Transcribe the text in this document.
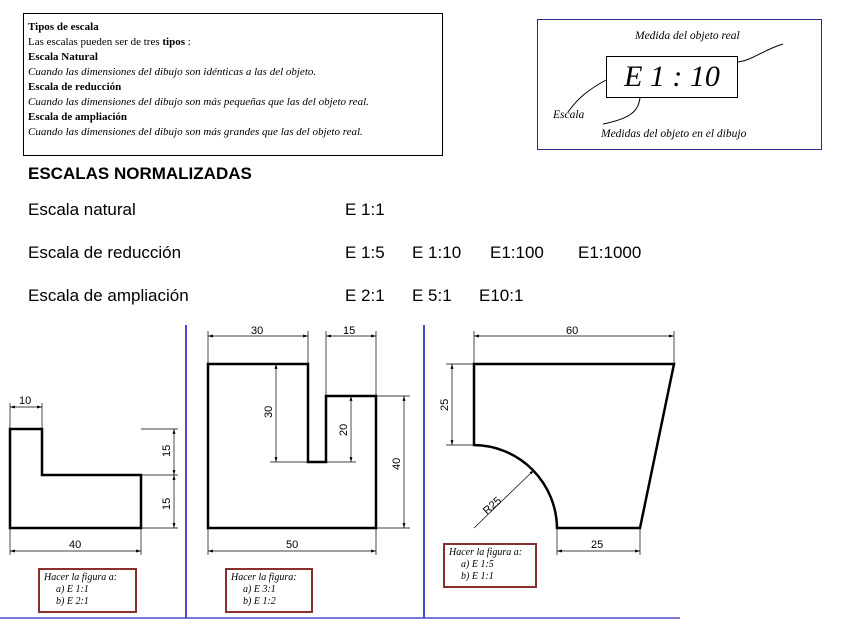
Tipos de escala
Las escalas pueden ser de tres tipos :
Escala Natural
Cuando las dimensiones del dibujo son idénticas a las del objeto.
Escala de reducción
Cuando las dimensiones del dibujo son más pequeñas que las del objeto real.
Escala de ampliación
Cuando las dimensiones del dibujo son más grandes que las del objeto real.
E 1 : 10
Medida del objeto real
Escala
Medidas del objeto en el dibujo
ESCALAS NORMALIZADAS
Escala natural	E 1:1
Escala de reducción	E 1:5 E 1:10 E1:100 E1:1000
Escala de ampliación	E 2:1 E 5:1 E10:1
10
15
15
40
30	15
30
20
40
50
60
25
R25
25
Hacer la figura a:
a) E 1:1
b) E 2:1
Hacer la figura:
a) E 3:1
b) E 1:2
Hacer la figura a:
a) E 1:5
b) E 1:1
